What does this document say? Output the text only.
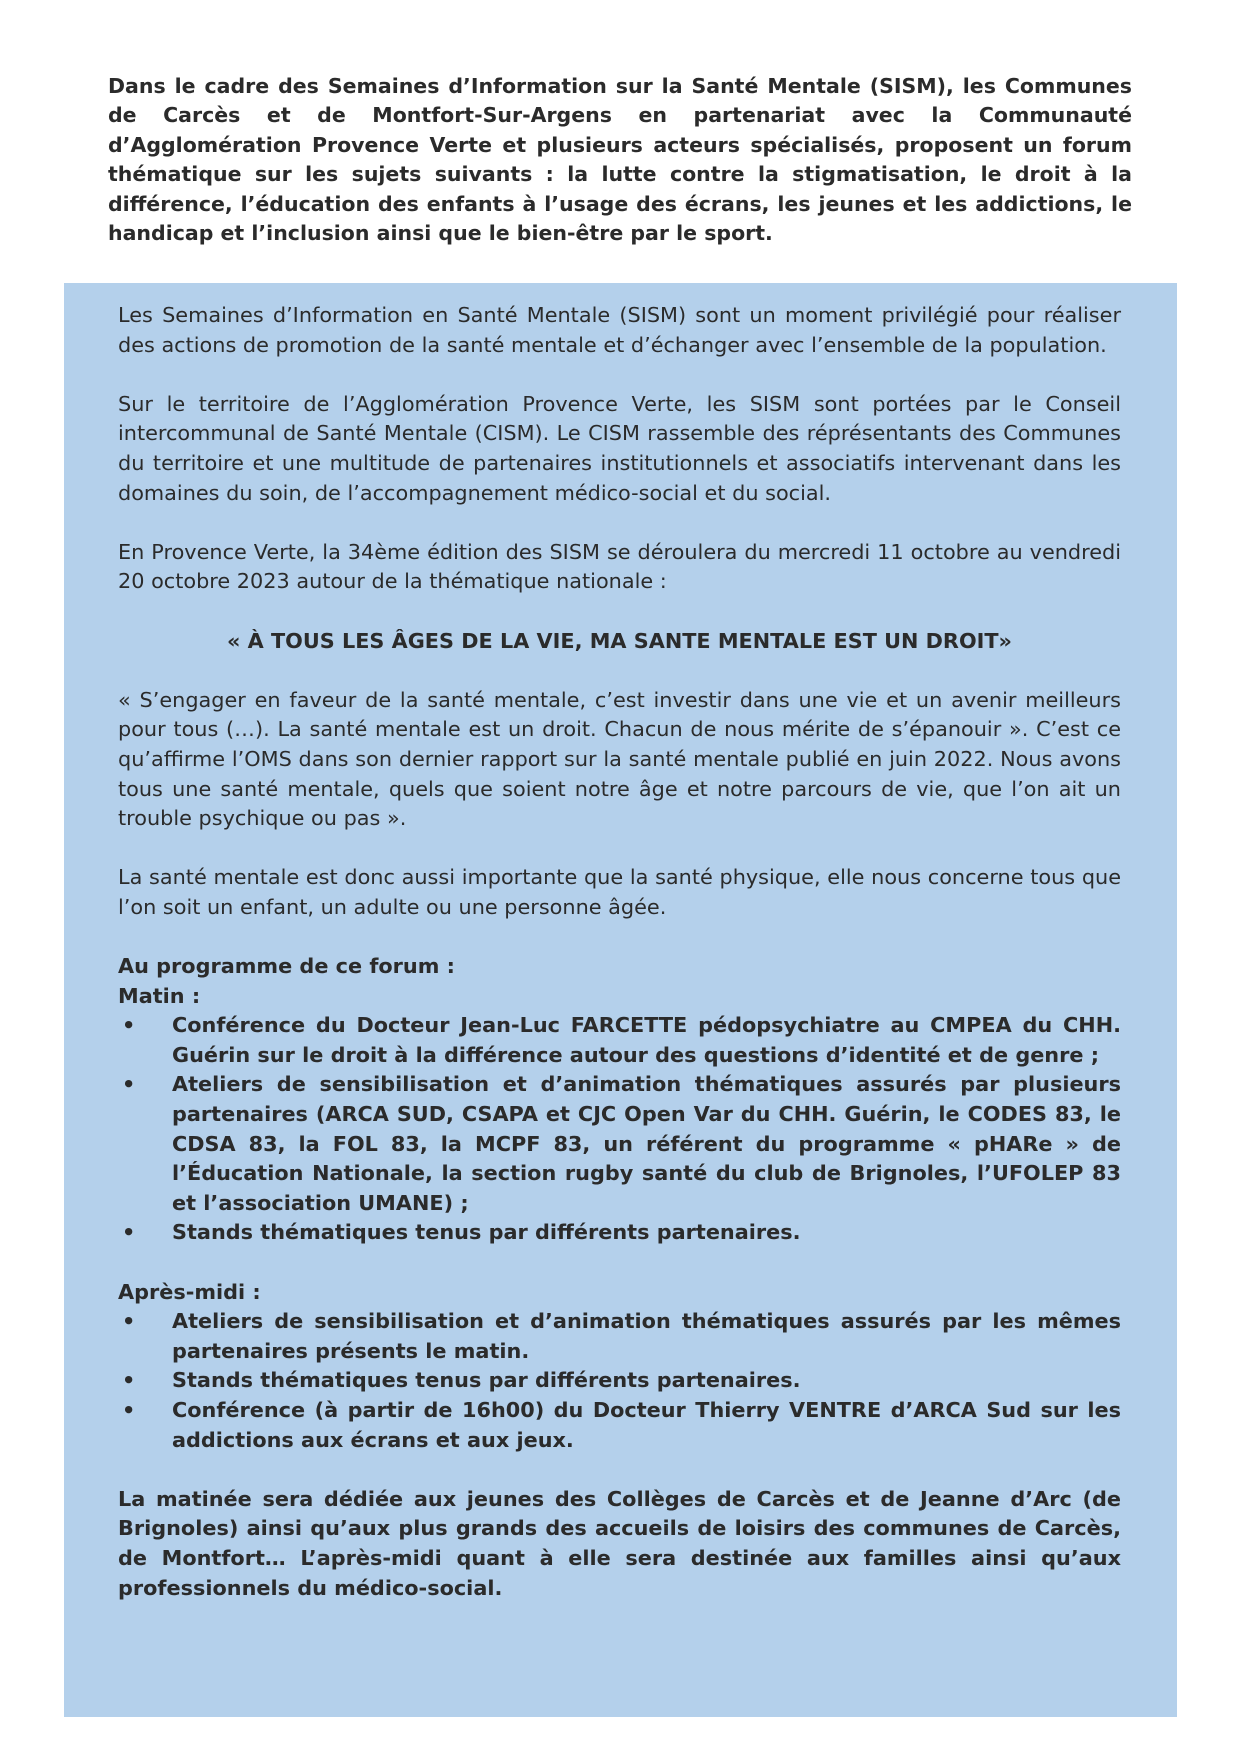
Dans le cadre des Semaines d’Information sur la Santé Mentale (SISM), les Communes de Carcès et de Montfort-Sur-Argens en partenariat avec la Communauté d’Agglomération Provence Verte et plusieurs acteurs spécialisés, proposent un forum thématique sur les sujets suivants : la lutte contre la stigmatisation, le droit à la différence, l’éducation des enfants à l’usage des écrans, les jeunes et les addictions, le handicap et l’inclusion ainsi que le bien-être par le sport.

Les Semaines d’Information en Santé Mentale (SISM) sont un moment privilégié pour réaliser des actions de promotion de la santé mentale et d’échanger avec l’ensemble de la population.

Sur le territoire de l’Agglomération Provence Verte, les SISM sont portées par le Conseil intercommunal de Santé Mentale (CISM). Le CISM rassemble des réprésentants des Communes du territoire et une multitude de partenaires institutionnels et associatifs intervenant dans les domaines du soin, de l’accompagnement médico-social et du social.

En Provence Verte, la 34ème édition des SISM se déroulera du mercredi 11 octobre au vendredi 20 octobre 2023 autour de la thématique nationale :

« À TOUS LES ÂGES DE LA VIE, MA SANTE MENTALE EST UN DROIT»

« S’engager en faveur de la santé mentale, c’est investir dans une vie et un avenir meilleurs pour tous (…). La santé mentale est un droit. Chacun de nous mérite de s’épanouir ». C’est ce qu’affirme l’OMS dans son dernier rapport sur la santé mentale publié en juin 2022. Nous avons tous une santé mentale, quels que soient notre âge et notre parcours de vie, que l’on ait un trouble psychique ou pas ».

La santé mentale est donc aussi importante que la santé physique, elle nous concerne tous que l’on soit un enfant, un adulte ou une personne âgée.

Au programme de ce forum :

Matin :

• Conférence du Docteur Jean-Luc FARCETTE pédopsychiatre au CMPEA du CHH. Guérin sur le droit à la différence autour des questions d’identité et de genre ;
• Ateliers de sensibilisation et d’animation thématiques assurés par plusieurs partenaires (ARCA SUD, CSAPA et CJC Open Var du CHH. Guérin, le CODES 83, le CDSA 83, la FOL 83, la MCPF 83, un référent du programme « pHARe » de l’Éducation Nationale, la section rugby santé du club de Brignoles, l’UFOLEP 83 et l’association UMANE) ;
• Stands thématiques tenus par différents partenaires.

Après-midi :

• Ateliers de sensibilisation et d’animation thématiques assurés par les mêmes partenaires présents le matin.
• Stands thématiques tenus par différents partenaires.
• Conférence (à partir de 16h00) du Docteur Thierry VENTRE d’ARCA Sud sur les addictions aux écrans et aux jeux.

La matinée sera dédiée aux jeunes des Collèges de Carcès et de Jeanne d’Arc (de Brignoles) ainsi qu’aux plus grands des accueils de loisirs des communes de Carcès, de Montfort… L’après-midi quant à elle sera destinée aux familles ainsi qu’aux professionnels du médico-social.
